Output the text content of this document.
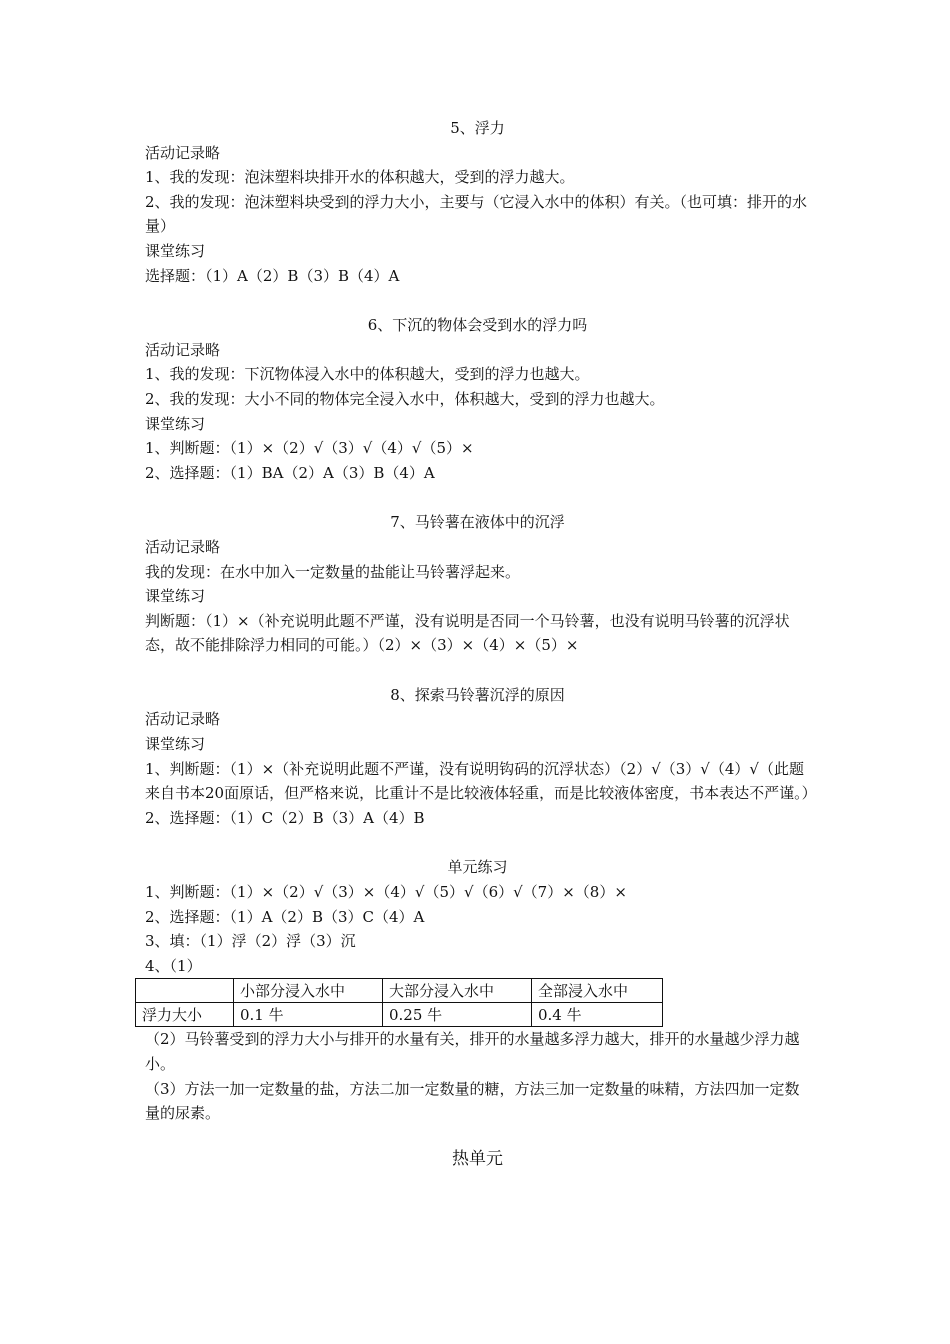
5、浮力
活动记录略
1、我的发现：泡沫塑料块排开水的体积越大，受到的浮力越大。
2、我的发现：泡沫塑料块受到的浮力大小，主要与（它浸入水中的体积）有关。（也可填：排开的水量）
课堂练习
选择题：（1）A（2）B（3）B（4）A
6、下沉的物体会受到水的浮力吗
活动记录略
1、我的发现：下沉物体浸入水中的体积越大，受到的浮力也越大。
2、我的发现：大小不同的物体完全浸入水中，体积越大，受到的浮力也越大。
课堂练习
1、判断题：（1）×（2）√（3）√（4）√（5）×
2、选择题：（1）BA（2）A（3）B（4）A
7、马铃薯在液体中的沉浮
活动记录略
我的发现：在水中加入一定数量的盐能让马铃薯浮起来。
课堂练习
判断题：（1）×（补充说明此题不严谨，没有说明是否同一个马铃薯，也没有说明马铃薯的沉浮状态，故不能排除浮力相同的可能。）（2）×（3）×（4）×（5）×
8、探索马铃薯沉浮的原因
活动记录略
课堂练习
1、判断题：（1）×（补充说明此题不严谨，没有说明钩码的沉浮状态）（2）√（3）√（4）√（此题来自书本20面原话，但严格来说，比重计不是比较液体轻重，而是比较液体密度，书本表达不严谨。）
2、选择题：（1）C（2）B（3）A（4）B
单元练习
1、判断题：（1）×（2）√（3）×（4）√（5）√（6）√（7）×（8）×
2、选择题：（1）A（2）B（3）C（4）A
3、填：（1）浮（2）浮（3）沉
4、（1）
	小部分浸入水中	大部分浸入水中	全部浸入水中
浮力大小	0.1 牛	0.25 牛	0.4 牛
（2）马铃薯受到的浮力大小与排开的水量有关，排开的水量越多浮力越大，排开的水量越少浮力越小。
（3）方法一加一定数量的盐，方法二加一定数量的糖，方法三加一定数量的味精，方法四加一定数量的尿素。
热单元
